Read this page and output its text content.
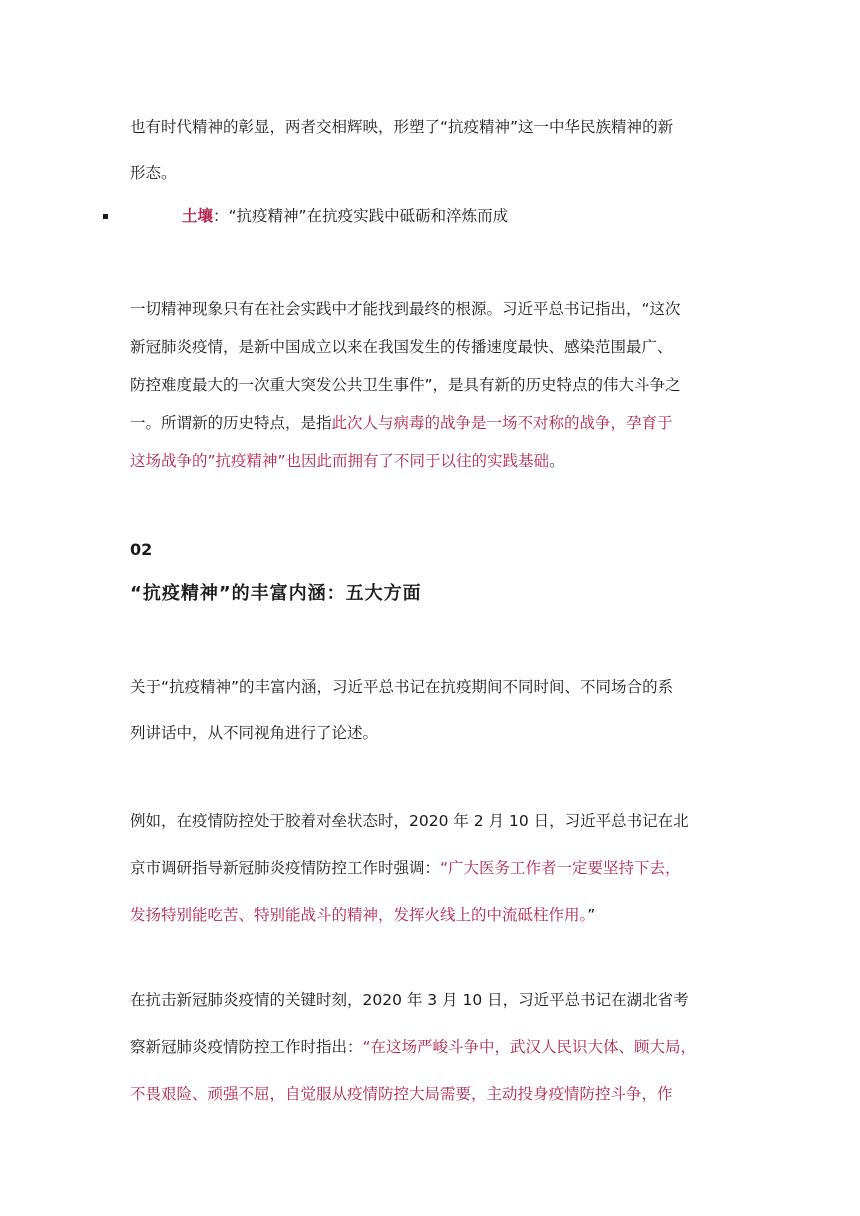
也有时代精神的彰显，两者交相辉映，形塑了“抗疫精神”这一中华民族精神的新
形态。
土壤：“抗疫精神”在抗疫实践中砥砺和淬炼而成
一切精神现象只有在社会实践中才能找到最终的根源。习近平总书记指出，“这次
新冠肺炎疫情，是新中国成立以来在我国发生的传播速度最快、感染范围最广、
防控难度最大的一次重大突发公共卫生事件”，是具有新的历史特点的伟大斗争之
一。所谓新的历史特点，是指此次人与病毒的战争是一场不对称的战争，孕育于
这场战争的”抗疫精神”也因此而拥有了不同于以往的实践基础。
02
“抗疫精神”的丰富内涵：五大方面
关于“抗疫精神”的丰富内涵，习近平总书记在抗疫期间不同时间、不同场合的系
列讲话中，从不同视角进行了论述。
例如，在疫情防控处于胶着对垒状态时，2020 年 2 月 10 日，习近平总书记在北
京市调研指导新冠肺炎疫情防控工作时强调：“广大医务工作者一定要坚持下去，
发扬特别能吃苦、特别能战斗的精神，发挥火线上的中流砥柱作用。”
在抗击新冠肺炎疫情的关键时刻，2020 年 3 月 10 日，习近平总书记在湖北省考
察新冠肺炎疫情防控工作时指出：“在这场严峻斗争中，武汉人民识大体、顾大局，
不畏艰险、顽强不屈，自觉服从疫情防控大局需要，主动投身疫情防控斗争，作
